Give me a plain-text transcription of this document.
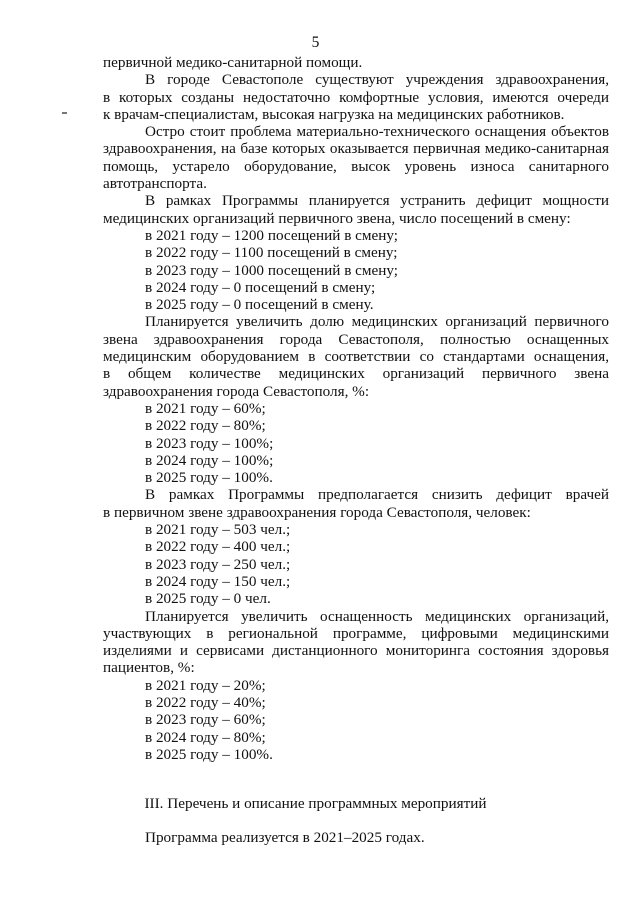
5

первичной медико-санитарной помощи.

В городе Севастополе существуют учреждения здравоохранения,

в которых созданы недостаточно комфортные условия, имеются очереди

к врачам-специалистам, высокая нагрузка на медицинских работников.

Остро стоит проблема материально-технического оснащения объектов

здравоохранения, на базе которых оказывается первичная медико-санитарная

помощь, устарело оборудование, высок уровень износа санитарного

автотранспорта.

В рамках Программы планируется устранить дефицит мощности

медицинских организаций первичного звена, число посещений в смену:

в 2021 году – 1200 посещений в смену;

в 2022 году – 1100 посещений в смену;

в 2023 году – 1000 посещений в смену;

в 2024 году – 0 посещений в смену;

в 2025 году – 0 посещений в смену.

Планируется увеличить долю медицинских организаций первичного

звена здравоохранения города Севастополя, полностью оснащенных

медицинским оборудованием в соответствии со стандартами оснащения,

в общем количестве медицинских организаций первичного звена

здравоохранения города Севастополя, %:

в 2021 году – 60%;

в 2022 году – 80%;

в 2023 году – 100%;

в 2024 году – 100%;

в 2025 году – 100%.

В рамках Программы предполагается снизить дефицит врачей

в первичном звене здравоохранения города Севастополя, человек:

в 2021 году – 503 чел.;

в 2022 году – 400 чел.;

в 2023 году – 250 чел.;

в 2024 году – 150 чел.;

в 2025 году – 0 чел.

Планируется увеличить оснащенность медицинских организаций,

участвующих в региональной программе, цифровыми медицинскими

изделиями и сервисами дистанционного мониторинга состояния здоровья

пациентов, %:

в 2021 году – 20%;

в 2022 году – 40%;

в 2023 году – 60%;

в 2024 году – 80%;

в 2025 году – 100%.

III. Перечень и описание программных мероприятий
Программа реализуется в 2021–2025 годах.
